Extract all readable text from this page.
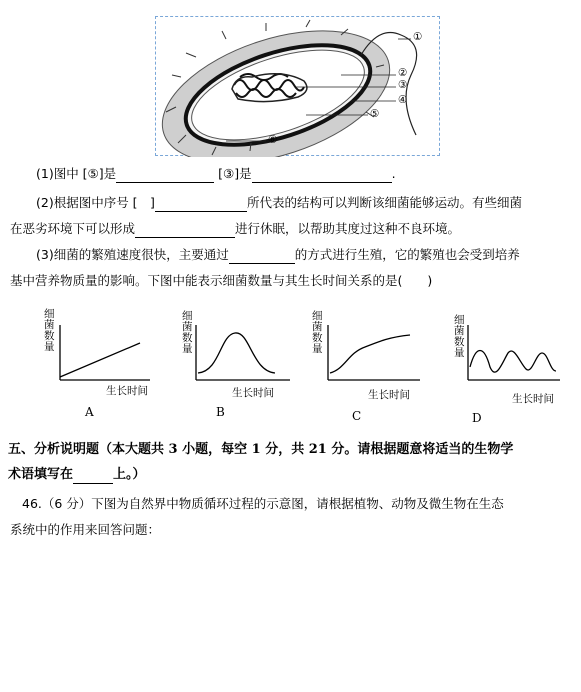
①
②
③
④
⑤
⑥
(1)图中 [⑤]是	[③]是	.
(2)根据图中序号 [　]	所代表的结构可以判断该细菌能够运动。有些细菌
在恶劣环境下可以形成	进行休眠，以帮助其度过这种不良环境。
(3)细菌的繁殖速度很快，主要通过	的方式进行生殖，它的繁殖也会受到培养
基中营养物质量的影响。下图中能表示细菌数量与其生长时间关系的是(　　)
细菌数量
生长时间
A
细菌数量
生长时间
B
细菌数量
生长时间
C
细菌数量
生长时间
D
五、分析说明题（本大题共 3 小题，每空 1 分，共 21 分。请根据题意将适当的生物学
术语填写在	上。）
46.（6 分）下图为自然界中物质循环过程的示意图，请根据植物、动物及微生物在生态
系统中的作用来回答问题：
